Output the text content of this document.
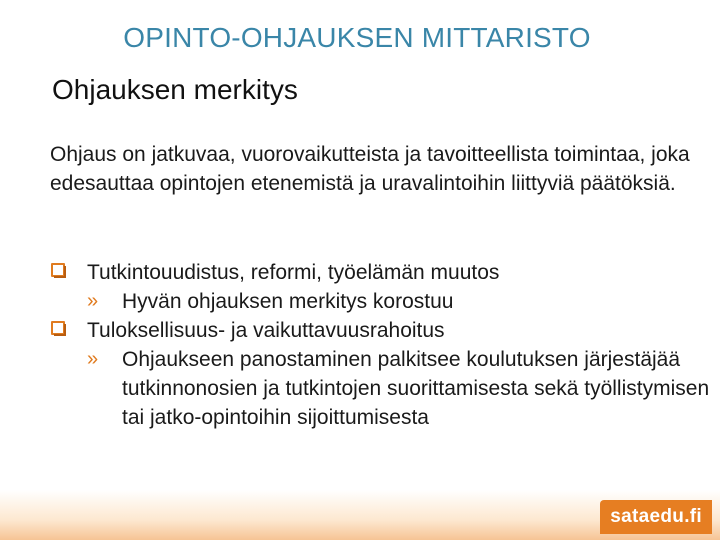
OPINTO-OHJAUKSEN MITTARISTO
Ohjauksen merkitys

Ohjaus on jatkuvaa, vuorovaikutteista ja tavoitteellista toimintaa, joka edesauttaa opintojen etenemistä ja uravalintoihin liittyviä päätöksiä.

Tutkintouudistus, reformi, työelämän muutos
» Hyvän ohjauksen merkitys korostuu
Tuloksellisuus- ja vaikuttavuusrahoitus
» Ohjaukseen panostaminen palkitsee koulutuksen järjestäjää tutkinnonosien ja tutkintojen suorittamisesta sekä työllistymisen tai jatko-opintoihin sijoittumisesta
sataedu.fi
